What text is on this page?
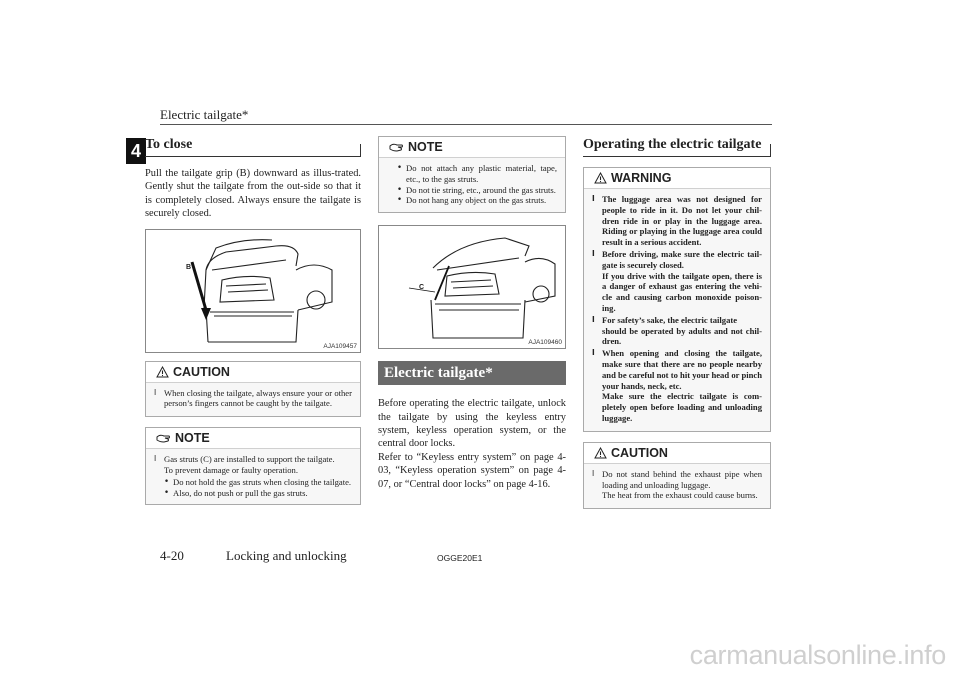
Electric tailgate*
4 To close

Pull the tailgate grip (B) downward as illus-trated. Gently shut the tailgate from the out-side so that it is completely closed. Always ensure the tailgate is securely closed.

B
AJA109457
CAUTION
l When closing the tailgate, always ensure your or other person’s fingers cannot be caught by the tailgate.
NOTE
l Gas struts (C) are installed to support the tailgate.
To prevent damage or faulty operation.
• Do not hold the gas struts when closing the tailgate.
• Also, do not push or pull the gas struts.
NOTE
• Do not attach any plastic material, tape, etc., to the gas struts.
• Do not tie string, etc., around the gas struts.
• Do not hang any object on the gas struts.
C
AJA109460
Electric tailgate*

Before operating the electric tailgate, unlock the tailgate by using the keyless entry system, keyless operation system, or the central door locks.

Refer to “Keyless entry system” on page 4-03, “Keyless operation system” on page 4-07, or “Central door locks” on page 4-16.

Operating the electric tailgate
WARNING
l The luggage area was not designed for people to ride in it. Do not let your chil-dren ride in or play in the luggage area. Riding or playing in the luggage area could result in a serious accident.
l Before driving, make sure the electric tail-gate is securely closed.
If you drive with the tailgate open, there is a danger of exhaust gas entering the vehi-cle and causing carbon monoxide poison-ing.
l For safety’s sake, the electric tailgate
should be operated by adults and not chil-dren.
l When opening and closing the tailgate, make sure that there are no people nearby and be careful not to hit your head or pinch your hands, neck, etc.
Make sure the electric tailgate is com-pletely open before loading and unloading luggage.
CAUTION
l Do not stand behind the exhaust pipe when loading and unloading luggage.
The heat from the exhaust could cause burns.
4-20	Locking and unlocking	OGGE20E1
carmanualsonline.info
